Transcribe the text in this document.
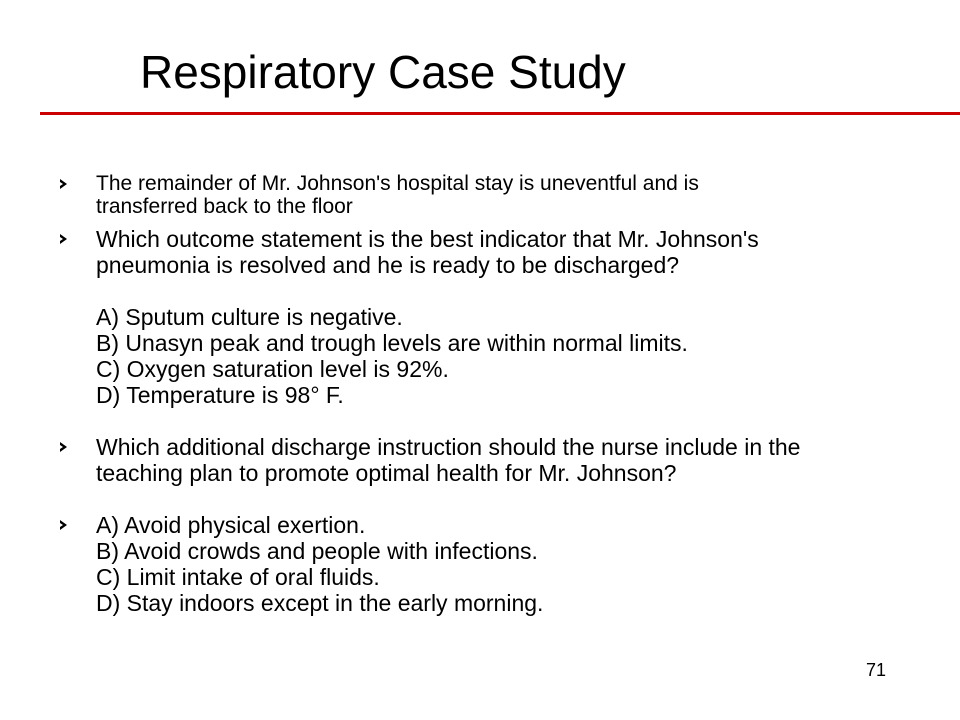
Respiratory Case Study
The remainder of Mr. Johnson's hospital stay is uneventful and is
transferred back to the floor
Which outcome statement is the best indicator that Mr. Johnson's
pneumonia is resolved and he is ready to be discharged?
A) Sputum culture is negative.
B) Unasyn peak and trough levels are within normal limits.
C) Oxygen saturation level is 92%.
D) Temperature is 98° F.
Which additional discharge instruction should the nurse include in the
teaching plan to promote optimal health for Mr. Johnson?
A) Avoid physical exertion.
B) Avoid crowds and people with infections.
C) Limit intake of oral fluids.
D) Stay indoors except in the early morning.
71
